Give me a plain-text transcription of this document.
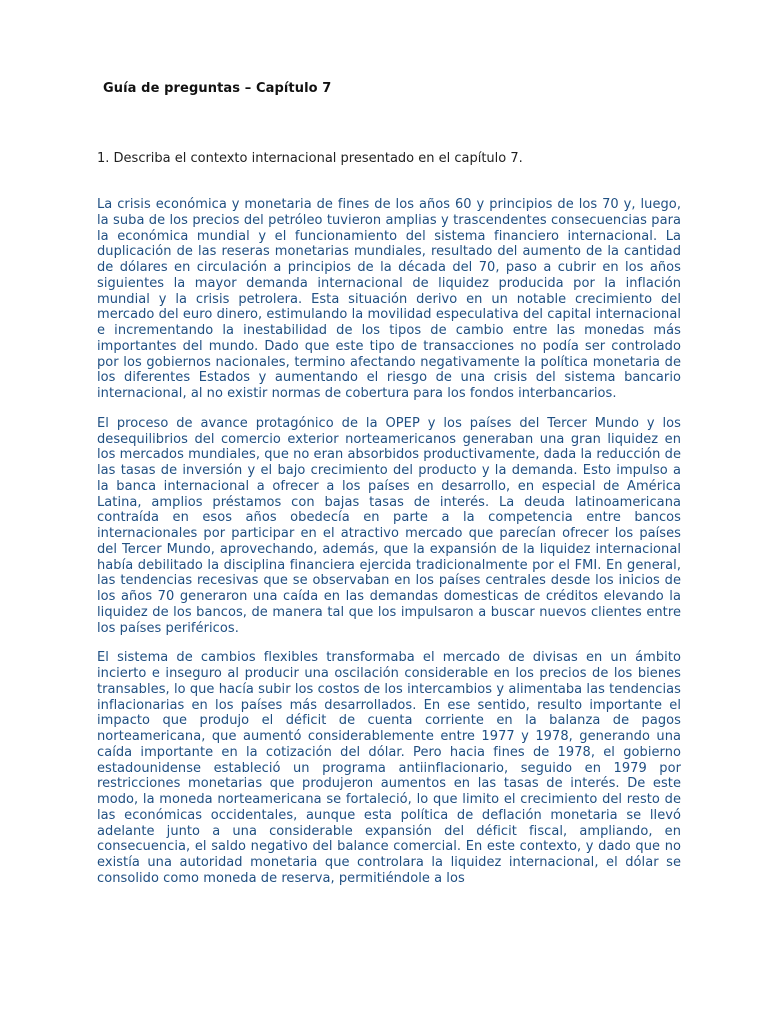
Guía de preguntas – Capítulo 7

1. Describa el contexto internacional presentado en el capítulo 7.

La crisis económica y monetaria de fines de los años 60 y principios de los 70 y, luego, la suba de los precios del petróleo tuvieron amplias y trascendentes consecuencias para la económica mundial y el funcionamiento del sistema financiero internacional. La duplicación de las reseras monetarias mundiales, resultado del aumento de la cantidad de dólares en circulación a principios de la década del 70, paso a cubrir en los años siguientes la mayor demanda internacional de liquidez producida por la inflación mundial y la crisis petrolera. Esta situación derivo en un notable crecimiento del mercado del euro dinero, estimulando la movilidad especulativa del capital internacional e incrementando la inestabilidad de los tipos de cambio entre las monedas más importantes del mundo. Dado que este tipo de transacciones no podía ser controlado por los gobiernos nacionales, termino afectando negativamente la política monetaria de los diferentes Estados y aumentando el riesgo de una crisis del sistema bancario internacional, al no existir normas de cobertura para los fondos interbancarios.

El proceso de avance protagónico de la OPEP y los países del Tercer Mundo y los desequilibrios del comercio exterior norteamericanos generaban una gran liquidez en los mercados mundiales, que no eran absorbidos productivamente, dada la reducción de las tasas de inversión y el bajo crecimiento del producto y la demanda. Esto impulso a la banca internacional a ofrecer a los países en desarrollo, en especial de América Latina, amplios préstamos con bajas tasas de interés. La deuda latinoamericana contraída en esos años obedecía en parte a la competencia entre bancos internacionales por participar en el atractivo mercado que parecían ofrecer los países del Tercer Mundo, aprovechando, además, que la expansión de la liquidez internacional había debilitado la disciplina financiera ejercida tradicionalmente por el FMI. En general, las tendencias recesivas que se observaban en los países centrales desde los inicios de los años 70 generaron una caída en las demandas domesticas de créditos elevando la liquidez de los bancos, de manera tal que los impulsaron a buscar nuevos clientes entre los países periféricos.

El sistema de cambios flexibles transformaba el mercado de divisas en un ámbito incierto e inseguro al producir una oscilación considerable en los precios de los bienes transables, lo que hacía subir los costos de los intercambios y alimentaba las tendencias inflacionarias en los países más desarrollados. En ese sentido, resulto importante el impacto que produjo el déficit de cuenta corriente en la balanza de pagos norteamericana, que aumentó considerablemente entre 1977 y 1978, generando una caída importante en la cotización del dólar. Pero hacia fines de 1978, el gobierno estadounidense estableció un programa antiinflacionario, seguido en 1979 por restricciones monetarias que produjeron aumentos en las tasas de interés. De este modo, la moneda norteamericana se fortaleció, lo que limito el crecimiento del resto de las económicas occidentales, aunque esta política de deflación monetaria se llevó adelante junto a una considerable expansión del déficit fiscal, ampliando, en consecuencia, el saldo negativo del balance comercial. En este contexto, y dado que no existía una autoridad monetaria que controlara la liquidez internacional, el dólar se consolido como moneda de reserva, permitiéndole a los
